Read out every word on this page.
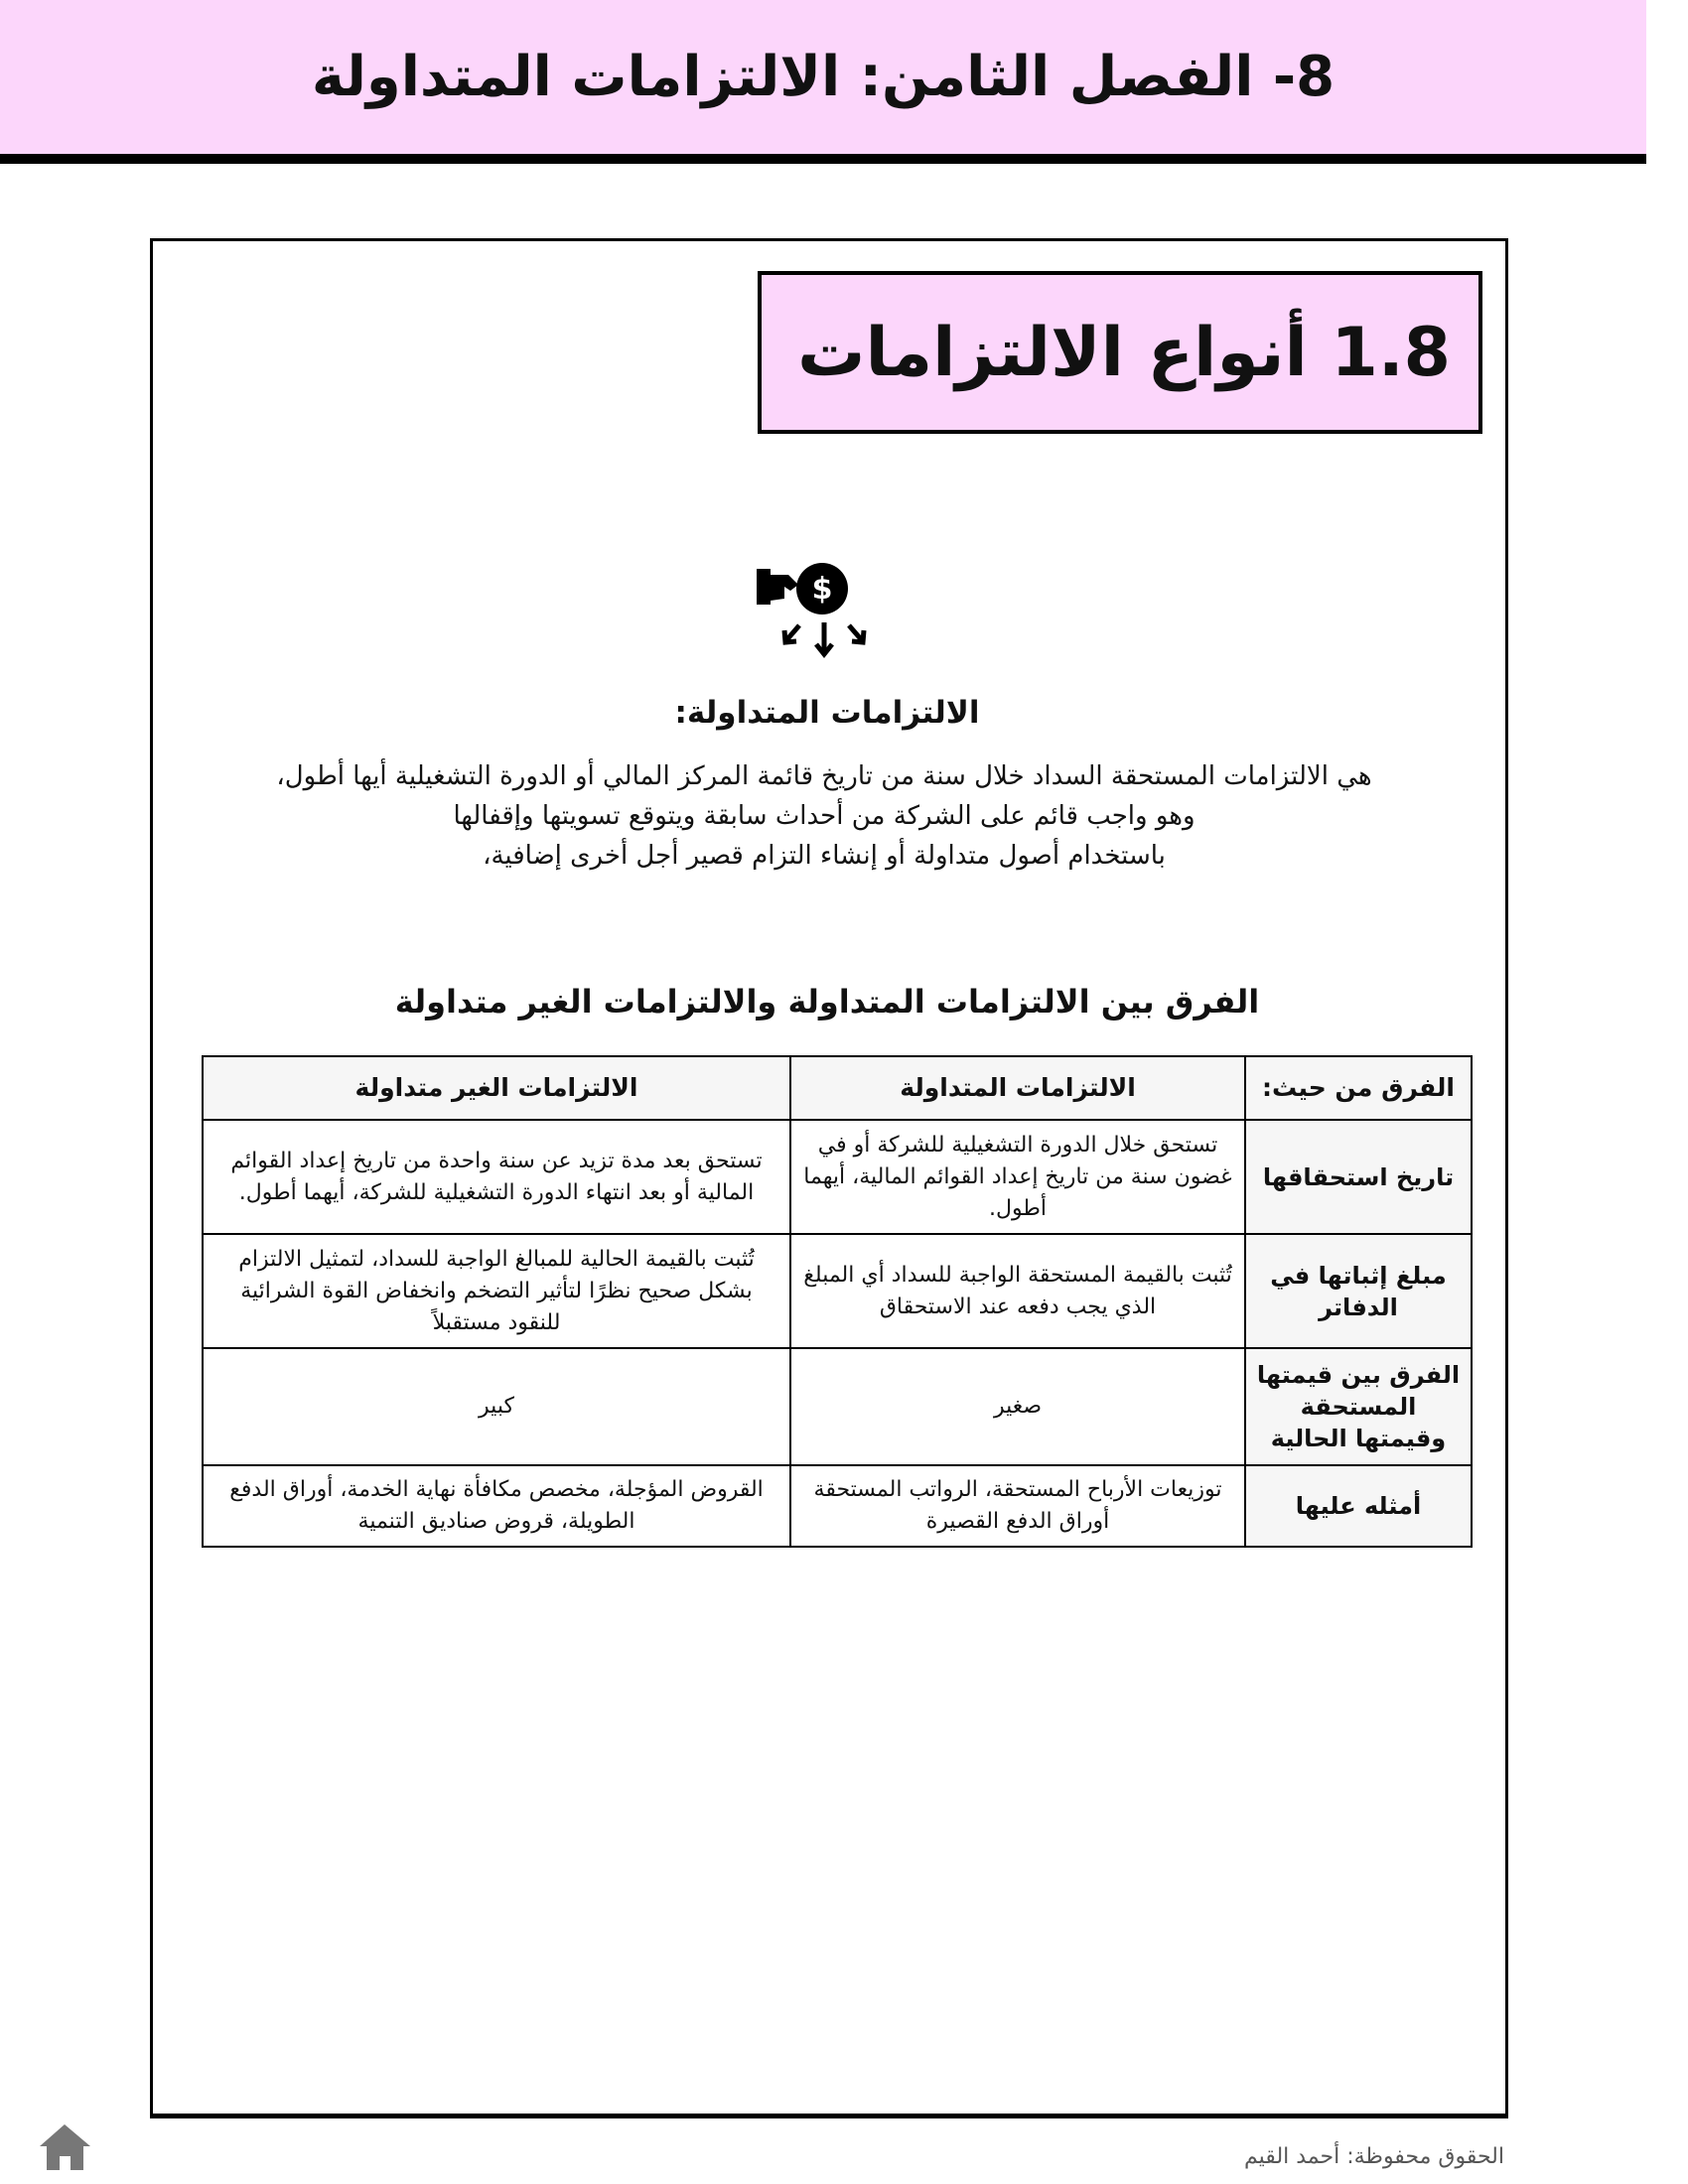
8- الفصل الثامن: الالتزامات المتداولة
1.8 أنواع الالتزامات
$
الالتزامات المتداولة:
هي الالتزامات المستحقة السداد خلال سنة من تاريخ قائمة المركز المالي أو الدورة التشغيلية أيها أطول،
وهو واجب قائم على الشركة من أحداث سابقة ويتوقع تسويتها وإقفالها
باستخدام أصول متداولة أو إنشاء التزام قصير أجل أخرى إضافية،
الفرق بين الالتزامات المتداولة والالتزامات الغير متداولة
الفرق من حيث:	الالتزامات المتداولة	الالتزامات الغير متداولة
تاريخ استحقاقها	تستحق خلال الدورة التشغيلية للشركة أو في غضون سنة من تاريخ إعداد القوائم المالية، أيهما أطول.	تستحق بعد مدة تزيد عن سنة واحدة من تاريخ إعداد القوائم المالية أو بعد انتهاء الدورة التشغيلية للشركة، أيهما أطول.
مبلغ إثباتها في الدفاتر	تُثبت بالقيمة المستحقة الواجبة للسداد أي المبلغ الذي يجب دفعه عند الاستحقاق	تُثبت بالقيمة الحالية للمبالغ الواجبة للسداد، لتمثيل الالتزام بشكل صحيح نظرًا لتأثير التضخم وانخفاض القوة الشرائية للنقود مستقبلاً
الفرق بين قيمتها المستحقة وقيمتها الحالية	صغير	كبير
أمثله عليها	توزيعات الأرباح المستحقة، الرواتب المستحقة أوراق الدفع القصيرة	القروض المؤجلة، مخصص مكافأة نهاية الخدمة، أوراق الدفع الطويلة، قروض صناديق التنمية
الحقوق محفوظة: أحمد القيم
